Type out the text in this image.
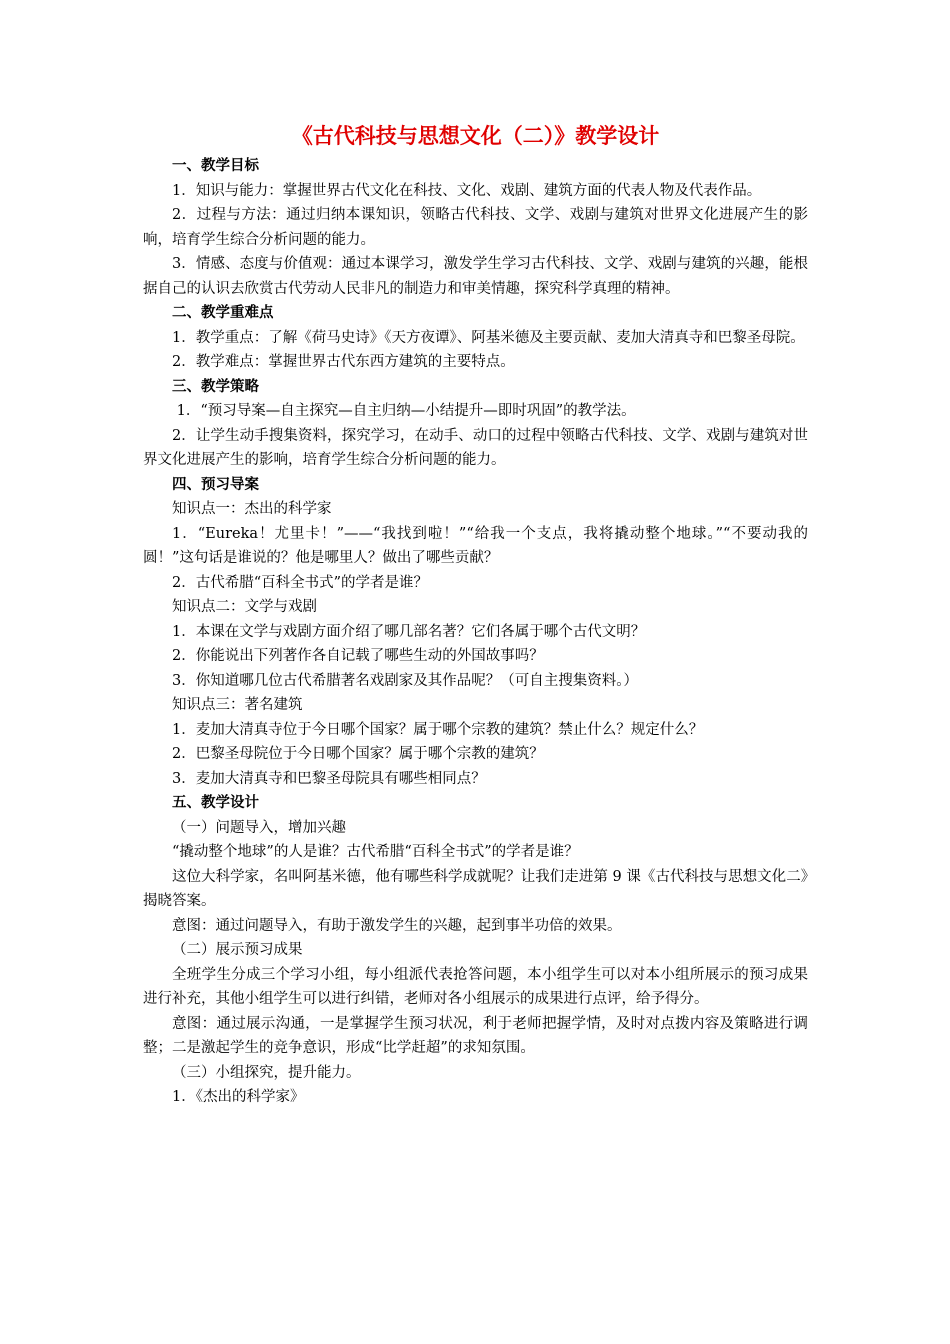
《古代科技与思想文化（二）》教学设计
一、教学目标
1．知识与能力：掌握世界古代文化在科技、文化、戏剧、建筑方面的代表人物及代表作品。
2．过程与方法：通过归纳本课知识，领略古代科技、文学、戏剧与建筑对世界文化进展产生的影响，培育学生综合分析问题的能力。
3．情感、态度与价值观：通过本课学习，激发学生学习古代科技、文学、戏剧与建筑的兴趣，能根据自己的认识去欣赏古代劳动人民非凡的制造力和审美情趣，探究科学真理的精神。
二、教学重难点
1．教学重点：了解《荷马史诗》《天方夜谭》、阿基米德及主要贡献、麦加大清真寺和巴黎圣母院。
2．教学难点：掌握世界古代东西方建筑的主要特点。
三、教学策略
1．“预习导案—自主探究—自主归纳—小结提升—即时巩固”的教学法。
2．让学生动手搜集资料，探究学习，在动手、动口的过程中领略古代科技、文学、戏剧与建筑对世界文化进展产生的影响，培育学生综合分析问题的能力。
四、预习导案
知识点一：杰出的科学家
1．“Eureka！尤里卡！”——“我找到啦！”“给我一个支点，我将撬动整个地球。”“不要动我的圆！”这句话是谁说的？他是哪里人？做出了哪些贡献？
2．古代希腊“百科全书式”的学者是谁？
知识点二：文学与戏剧
1．本课在文学与戏剧方面介绍了哪几部名著？它们各属于哪个古代文明？
2．你能说出下列著作各自记载了哪些生动的外国故事吗？
3．你知道哪几位古代希腊著名戏剧家及其作品呢？（可自主搜集资料。）
知识点三：著名建筑
1．麦加大清真寺位于今日哪个国家？属于哪个宗教的建筑？禁止什么？规定什么？
2．巴黎圣母院位于今日哪个国家？属于哪个宗教的建筑？
3．麦加大清真寺和巴黎圣母院具有哪些相同点？
五、教学设计
（一）问题导入，增加兴趣
“撬动整个地球”的人是谁？古代希腊“百科全书式”的学者是谁？
这位大科学家，名叫阿基米德，他有哪些科学成就呢？让我们走进第 9 课《古代科技与思想文化二》揭晓答案。
意图：通过问题导入，有助于激发学生的兴趣，起到事半功倍的效果。
（二）展示预习成果
全班学生分成三个学习小组，每小组派代表抢答问题，本小组学生可以对本小组所展示的预习成果进行补充，其他小组学生可以进行纠错，老师对各小组展示的成果进行点评，给予得分。
意图：通过展示沟通，一是掌握学生预习状况，利于老师把握学情，及时对点拨内容及策略进行调整；二是激起学生的竞争意识，形成“比学赶超”的求知氛围。
（三）小组探究，提升能力。
1．《杰出的科学家》
